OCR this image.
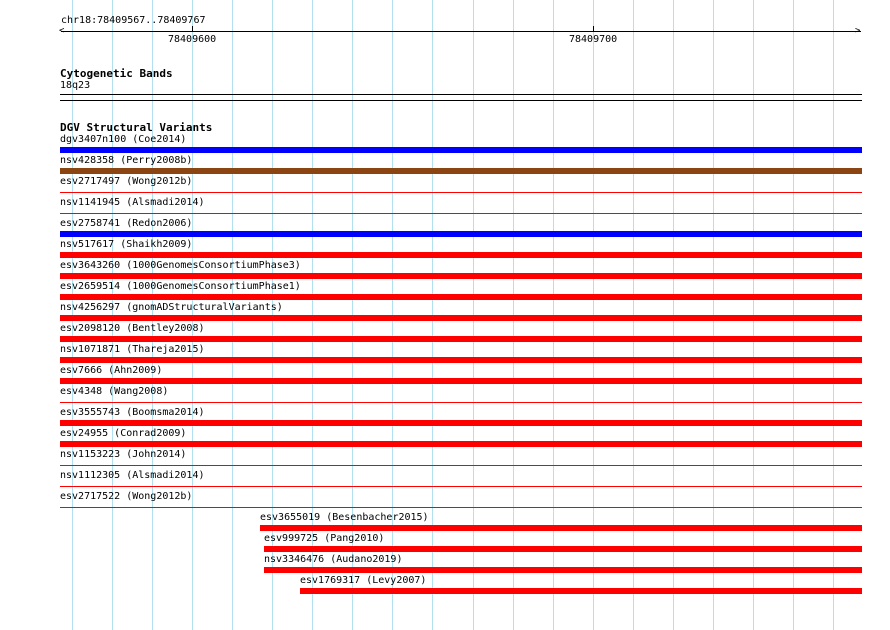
chr18:78409567..78409767
<	>
78409600	78409700
Cytogenetic Bands
18q23
DGV Structural Variants
dgv3407n100 (Coe2014)
nsv428358 (Perry2008b)
esv2717497 (Wong2012b)
nsv1141945 (Alsmadi2014)
esv2758741 (Redon2006)
nsv517617 (Shaikh2009)
esv3643260 (1000GenomesConsortiumPhase3)
esv2659514 (1000GenomesConsortiumPhase1)
nsv4256297 (gnomADStructuralVariants)
esv2098120 (Bentley2008)
nsv1071871 (Thareja2015)
esv7666 (Ahn2009)
esv4348 (Wang2008)
esv3555743 (Boomsma2014)
esv24955 (Conrad2009)
nsv1153223 (John2014)
nsv1112305 (Alsmadi2014)
esv2717522 (Wong2012b)
esv3655019 (Besenbacher2015)
esv999725 (Pang2010)
nsv3346476 (Audano2019)
esv1769317 (Levy2007)
